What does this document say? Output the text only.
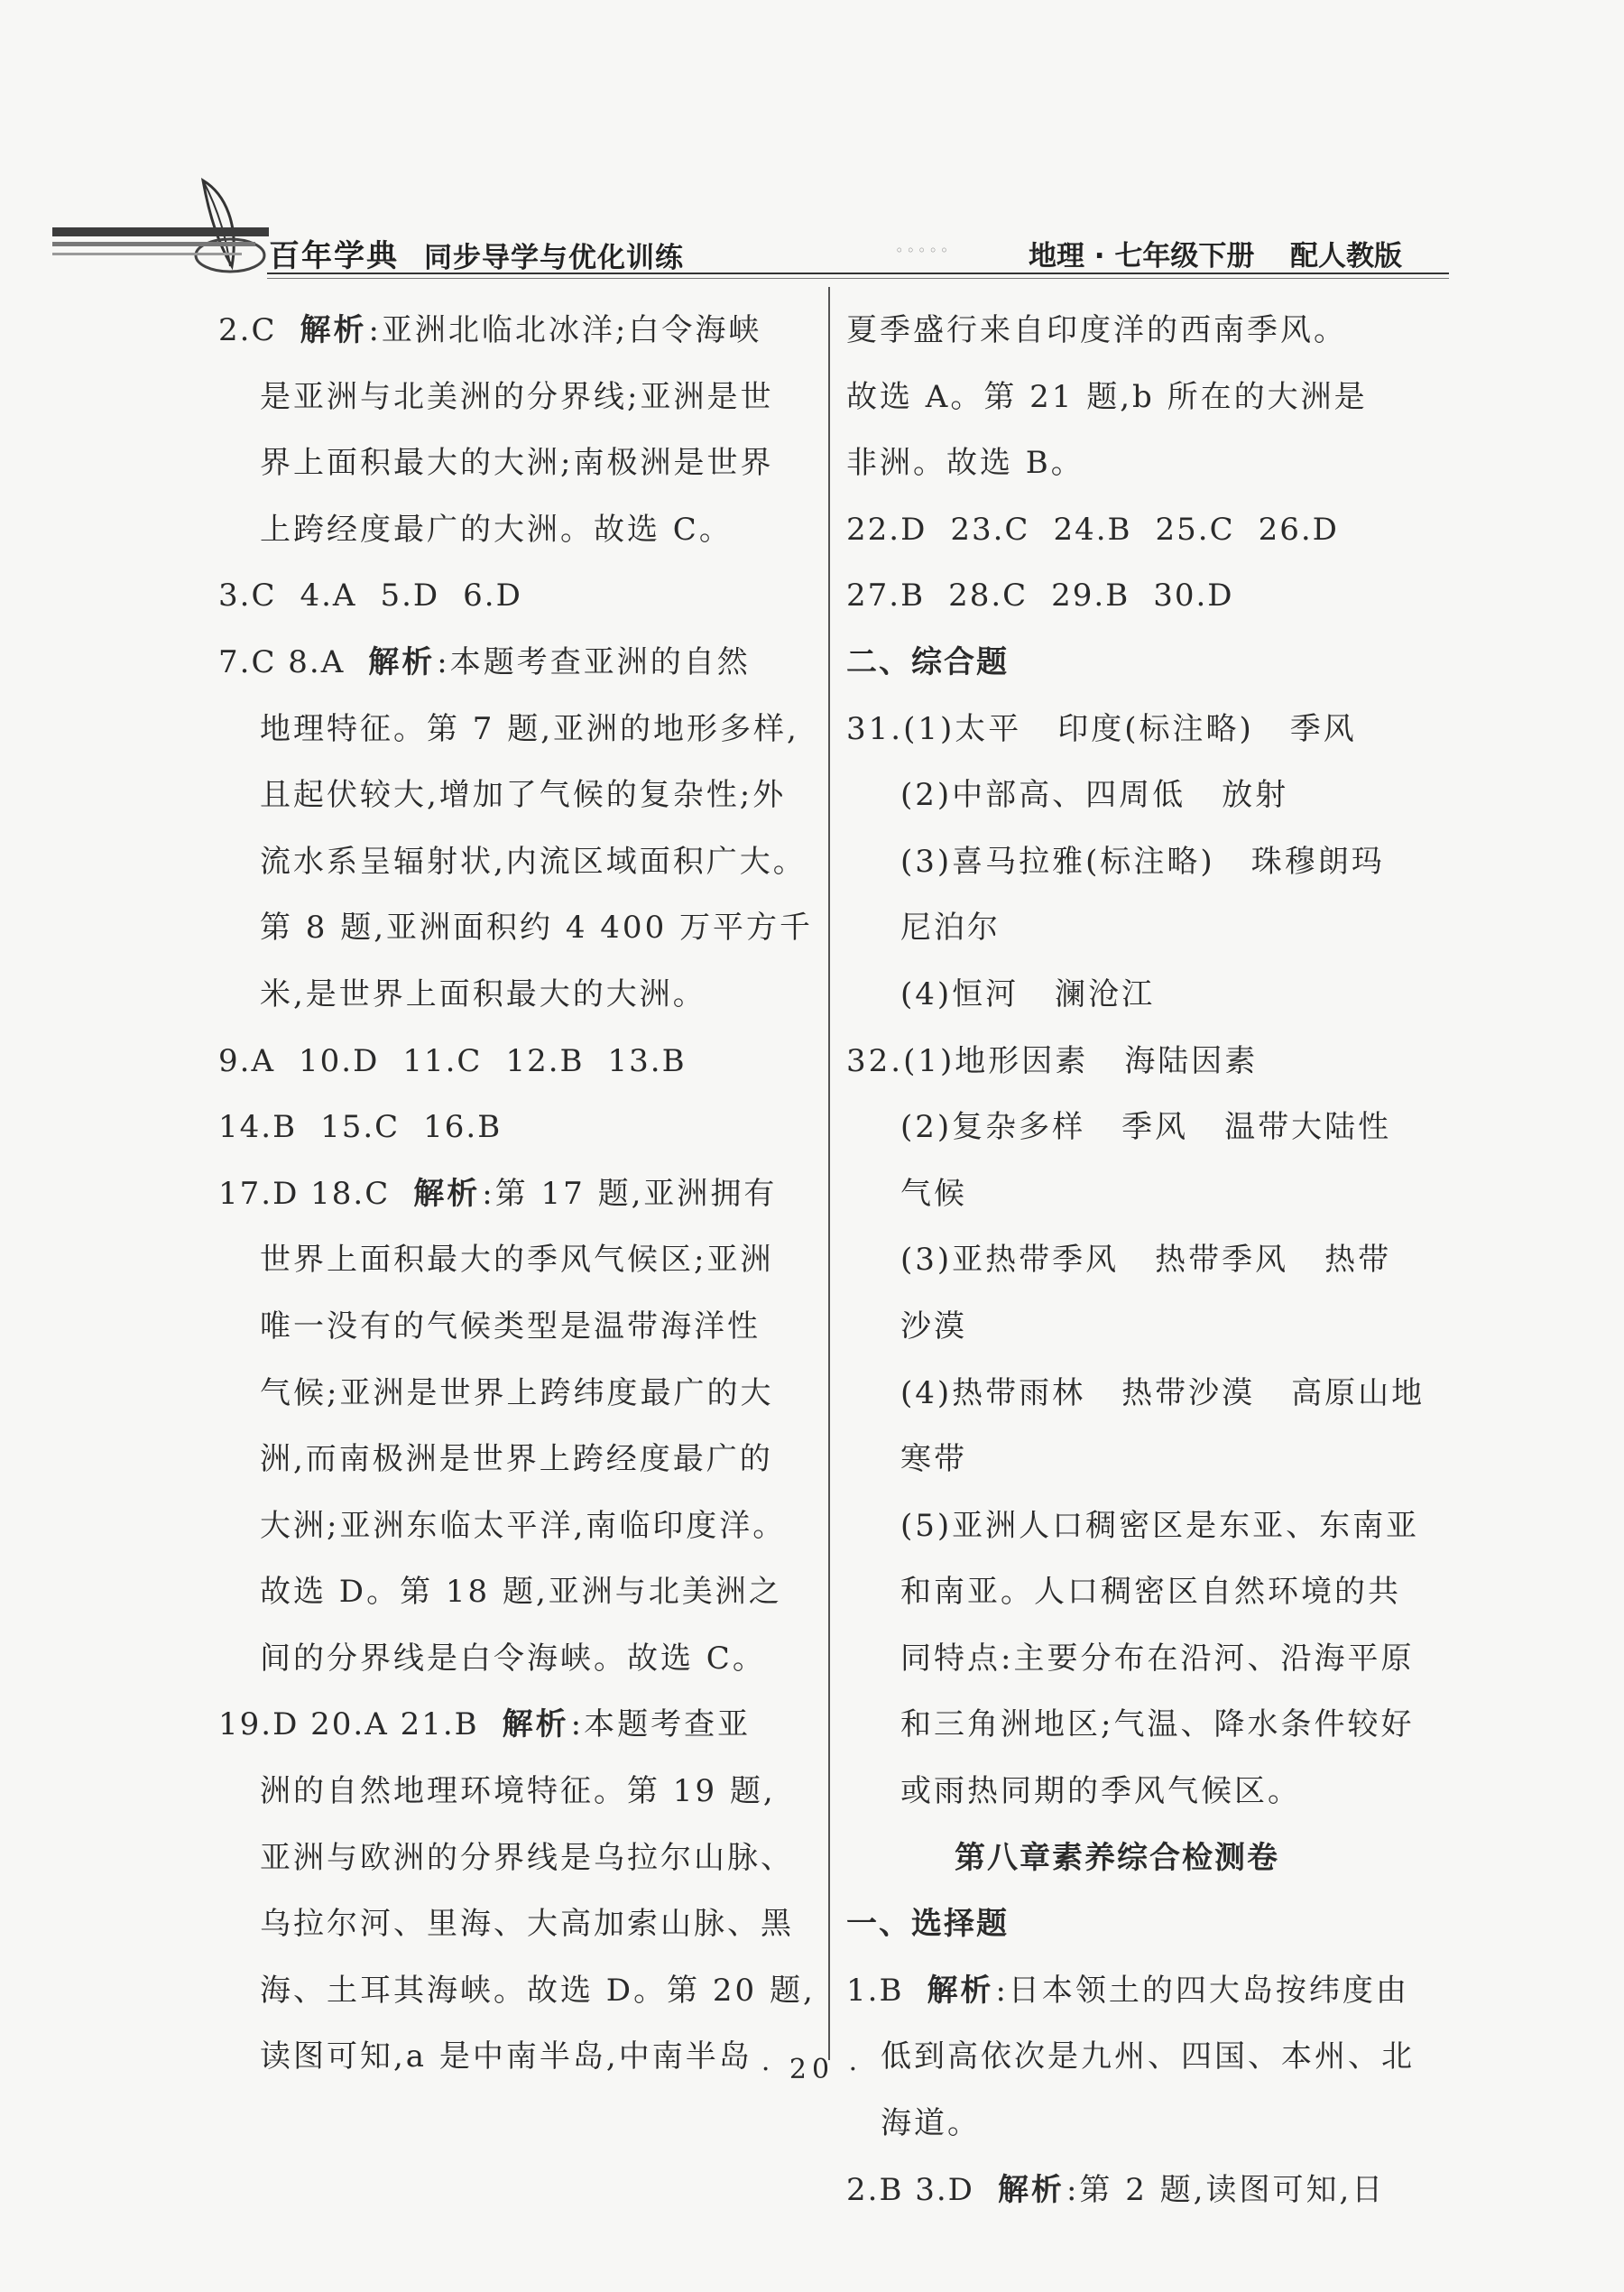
百年学典 同步导学与优化训练	◦◦◦◦◦	地理 · 七年级下册 配人教版
2.C 解析:亚洲北临北冰洋;白令海峡
是亚洲与北美洲的分界线;亚洲是世
界上面积最大的大洲;南极洲是世界
上跨经度最广的大洲。故选 C。
3.C 4.A 5.D 6.D
7.C 8.A 解析:本题考查亚洲的自然
地理特征。第 7 题,亚洲的地形多样,
且起伏较大,增加了气候的复杂性;外
流水系呈辐射状,内流区域面积广大。
第 8 题,亚洲面积约 4 400 万平方千
米,是世界上面积最大的大洲。
9.A 10.D 11.C 12.B 13.B
14.B 15.C 16.B
17.D 18.C 解析:第 17 题,亚洲拥有
世界上面积最大的季风气候区;亚洲
唯一没有的气候类型是温带海洋性
气候;亚洲是世界上跨纬度最广的大
洲,而南极洲是世界上跨经度最广的
大洲;亚洲东临太平洋,南临印度洋。
故选 D。第 18 题,亚洲与北美洲之
间的分界线是白令海峡。故选 C。
19.D 20.A 21.B 解析:本题考查亚
洲的自然地理环境特征。第 19 题,
亚洲与欧洲的分界线是乌拉尔山脉、
乌拉尔河、里海、大高加索山脉、黑
海、土耳其海峡。故选 D。第 20 题,
读图可知,a 是中南半岛,中南半岛
夏季盛行来自印度洋的西南季风。
故选 A。第 21 题,b 所在的大洲是
非洲。故选 B。
22.D 23.C 24.B 25.C 26.D
27.B 28.C 29.B 30.D
二、综合题
31.(1)太平 印度(标注略) 季风
(2)中部高、四周低 放射
(3)喜马拉雅(标注略) 珠穆朗玛
尼泊尔
(4)恒河 澜沧江
32.(1)地形因素 海陆因素
(2)复杂多样 季风 温带大陆性
气候
(3)亚热带季风 热带季风 热带
沙漠
(4)热带雨林 热带沙漠 高原山地
寒带
(5)亚洲人口稠密区是东亚、东南亚
和南亚。人口稠密区自然环境的共
同特点:主要分布在沿河、沿海平原
和三角洲地区;气温、降水条件较好
或雨热同期的季风气候区。
第八章素养综合检测卷
一、选择题
1.B 解析:日本领土的四大岛按纬度由
低到高依次是九州、四国、本州、北
海道。
2.B 3.D 解析:第 2 题,读图可知,日
· 20 ·
